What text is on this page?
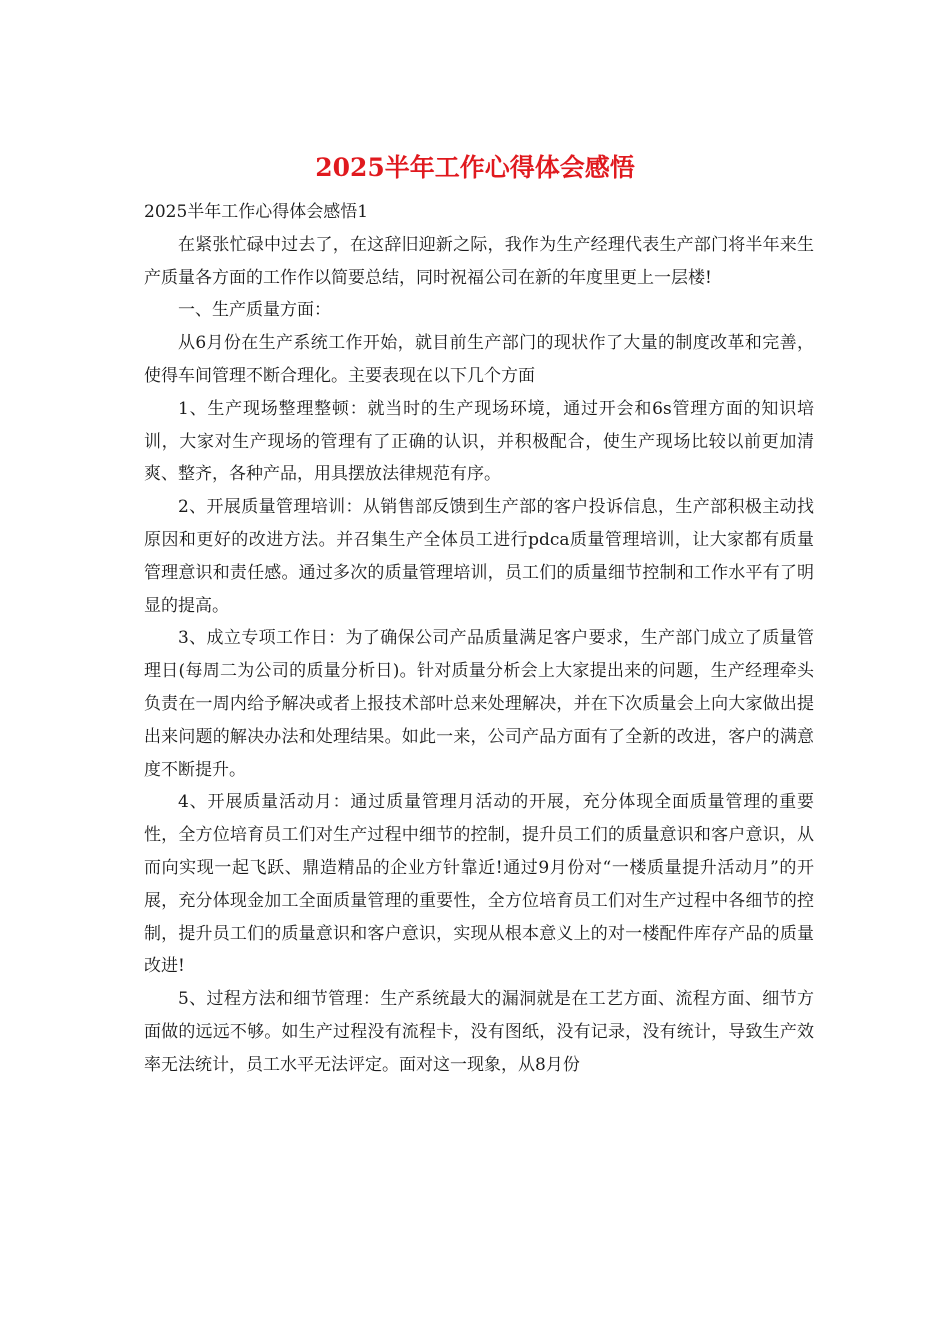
2025半年工作心得体会感悟

2025半年工作心得体会感悟1

在紧张忙碌中过去了，在这辞旧迎新之际，我作为生产经理代表生产部门将半年来生产质量各方面的工作作以简要总结，同时祝福公司在新的年度里更上一层楼!

一、生产质量方面：

从6月份在生产系统工作开始，就目前生产部门的现状作了大量的制度改革和完善，使得车间管理不断合理化。主要表现在以下几个方面

1、生产现场整理整顿：就当时的生产现场环境，通过开会和6s管理方面的知识培训，大家对生产现场的管理有了正确的认识，并积极配合，使生产现场比较以前更加清爽、整齐，各种产品，用具摆放法律规范有序。

2、开展质量管理培训：从销售部反馈到生产部的客户投诉信息，生产部积极主动找原因和更好的改进方法。并召集生产全体员工进行pdca质量管理培训，让大家都有质量管理意识和责任感。通过多次的质量管理培训，员工们的质量细节控制和工作水平有了明显的提高。

3、成立专项工作日：为了确保公司产品质量满足客户要求，生产部门成立了质量管理日(每周二为公司的质量分析日)。针对质量分析会上大家提出来的问题，生产经理牵头负责在一周内给予解决或者上报技术部叶总来处理解决，并在下次质量会上向大家做出提出来问题的解决办法和处理结果。如此一来，公司产品方面有了全新的改进，客户的满意度不断提升。

4、开展质量活动月：通过质量管理月活动的开展，充分体现全面质量管理的重要性，全方位培育员工们对生产过程中细节的控制，提升员工们的质量意识和客户意识，从而向实现一起飞跃、鼎造精品的企业方针靠近!通过9月份对“一楼质量提升活动月”的开展，充分体现金加工全面质量管理的重要性，全方位培育员工们对生产过程中各细节的控制，提升员工们的质量意识和客户意识，实现从根本意义上的对一楼配件库存产品的质量改进!

5、过程方法和细节管理：生产系统最大的漏洞就是在工艺方面、流程方面、细节方面做的远远不够。如生产过程没有流程卡，没有图纸，没有记录，没有统计，导致生产效率无法统计，员工水平无法评定。面对这一现象，从8月份
